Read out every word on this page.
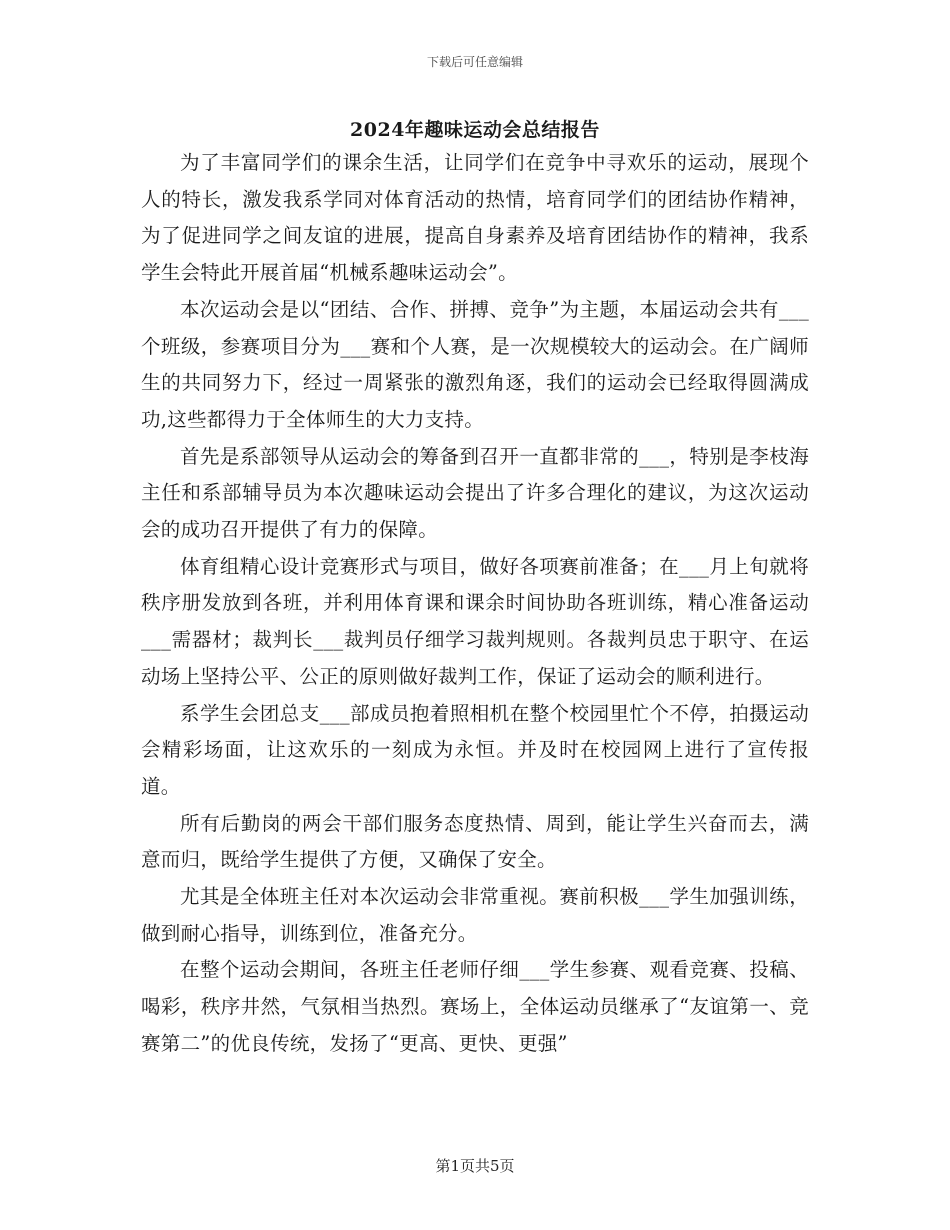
下载后可任意编辑
2024年趣味运动会总结报告

为了丰富同学们的课余生活，让同学们在竞争中寻欢乐的运动，展现个人的特长，激发我系学同对体育活动的热情，培育同学们的团结协作精神，为了促进同学之间友谊的进展，提高自身素养及培育团结协作的精神，我系学生会特此开展首届“机械系趣味运动会”。

本次运动会是以“团结、合作、拼搏、竞争”为主题，本届运动会共有___个班级，参赛项目分为___赛和个人赛，是一次规模较大的运动会。在广阔师生的共同努力下，经过一周紧张的激烈角逐，我们的运动会已经取得圆满成功,这些都得力于全体师生的大力支持。

首先是系部领导从运动会的筹备到召开一直都非常的___，特别是李枝海主任和系部辅导员为本次趣味运动会提出了许多合理化的建议，为这次运动会的成功召开提供了有力的保障。

体育组精心设计竞赛形式与项目，做好各项赛前准备；在___月上旬就将秩序册发放到各班，并利用体育课和课余时间协助各班训练，精心准备运动___需器材；裁判长___裁判员仔细学习裁判规则。各裁判员忠于职守、在运动场上坚持公平、公正的原则做好裁判工作，保证了运动会的顺利进行。

系学生会团总支___部成员抱着照相机在整个校园里忙个不停，拍摄运动会精彩场面，让这欢乐的一刻成为永恒。并及时在校园网上进行了宣传报道。

所有后勤岗的两会干部们服务态度热情、周到，能让学生兴奋而去，满意而归，既给学生提供了方便，又确保了安全。

尤其是全体班主任对本次运动会非常重视。赛前积极___学生加强训练，做到耐心指导，训练到位，准备充分。

在整个运动会期间，各班主任老师仔细___学生参赛、观看竞赛、投稿、喝彩，秩序井然，气氛相当热烈。赛场上，全体运动员继承了“友谊第一、竞赛第二”的优良传统，发扬了“更高、更快、更强”

第1页共5页
